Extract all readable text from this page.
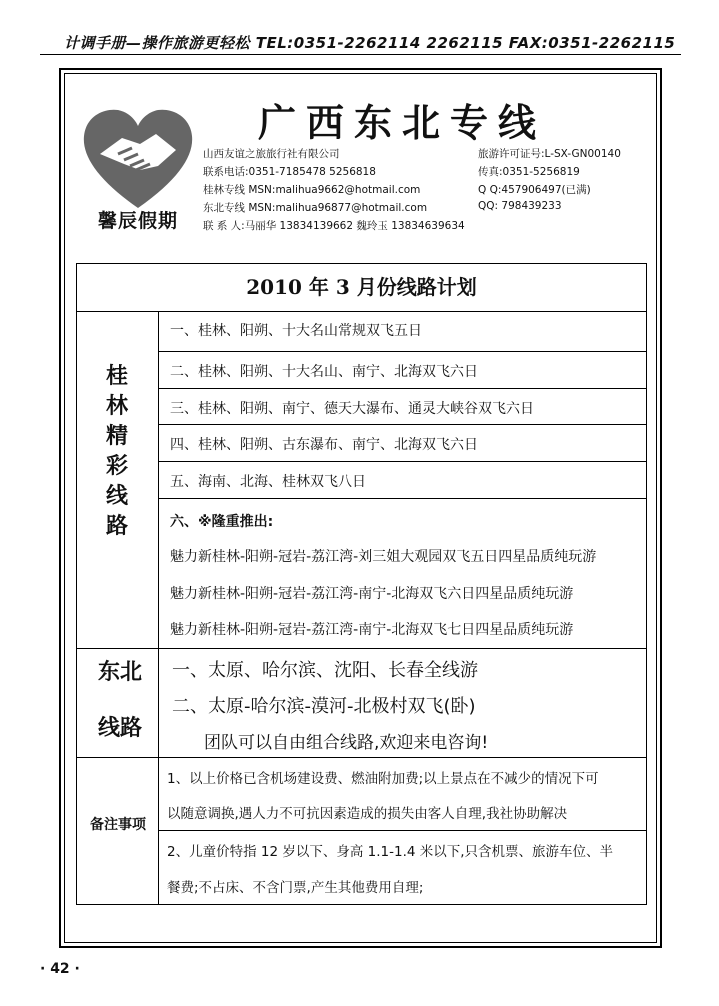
计调手册—操作旅游更轻松 TEL:0351-2262114 2262115 FAX:0351-2262115
馨辰假期
广西东北专线
山西友谊之旅旅行社有限公司
联系电话:0351-7185478 5256818
桂林专线 MSN:malihua9662@hotmail.com
东北专线 MSN:malihua96877@hotmail.com
联 系 人:马丽华 13834139662 魏玲玉 13834639634
旅游许可证号:L-SX-GN00140
传真:0351-5256819
Q Q:457906497(已满)
QQ: 798439233
2010 年 3 月份线路计划
桂林精彩线路
一、桂林、阳朔、十大名山常规双飞五日
二、桂林、阳朔、十大名山、南宁、北海双飞六日
三、桂林、阳朔、南宁、德天大瀑布、通灵大峡谷双飞六日
四、桂林、阳朔、古东瀑布、南宁、北海双飞六日
五、海南、北海、桂林双飞八日
六、※隆重推出:
魅力新桂林-阳朔-冠岩-荔江湾-刘三姐大观园双飞五日四星品质纯玩游
魅力新桂林-阳朔-冠岩-荔江湾-南宁-北海双飞六日四星品质纯玩游
魅力新桂林-阳朔-冠岩-荔江湾-南宁-北海双飞七日四星品质纯玩游
东北
线路
一、太原、哈尔滨、沈阳、长春全线游
二、太原-哈尔滨-漠河-北极村双飞(卧)
团队可以自由组合线路,欢迎来电咨询!
备注事项
1、以上价格已含机场建设费、燃油附加费;以上景点在不减少的情况下可
以随意调换,遇人力不可抗因素造成的损失由客人自理,我社协助解决
2、儿童价特指 12 岁以下、身高 1.1-1.4 米以下,只含机票、旅游车位、半
餐费;不占床、不含门票,产生其他费用自理;
· 42 ·
